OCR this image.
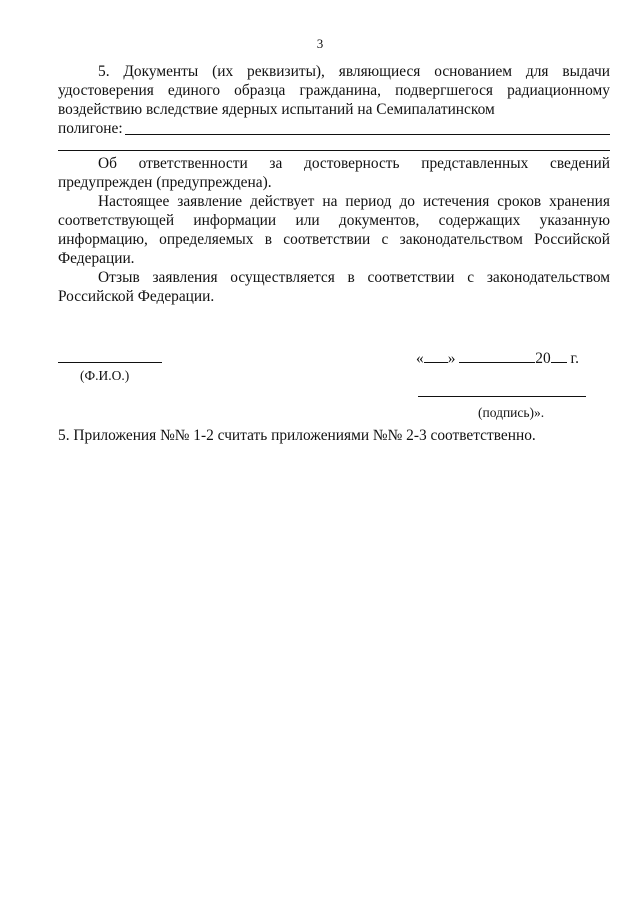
3

5. Документы (их реквизиты), являющиеся основанием для выдачи удостоверения единого образца гражданина, подвергшегося радиационному воздействию вследствие ядерных испытаний на Семипалатинском

полигоне:

Об ответственности за достоверность представленных сведений предупрежден (предупреждена).

Настоящее заявление действует на период до истечения сроков хранения соответствующей информации или документов, содержащих указанную информацию, определяемых в соответствии с законодательством Российской Федерации.

Отзыв заявления осуществляется в соответствии с законодательством Российской Федерации.

(Ф.И.О.)
« »	20 г.
(подпись)».

5. Приложения №№ 1-2 считать приложениями №№ 2-3 соответственно.
